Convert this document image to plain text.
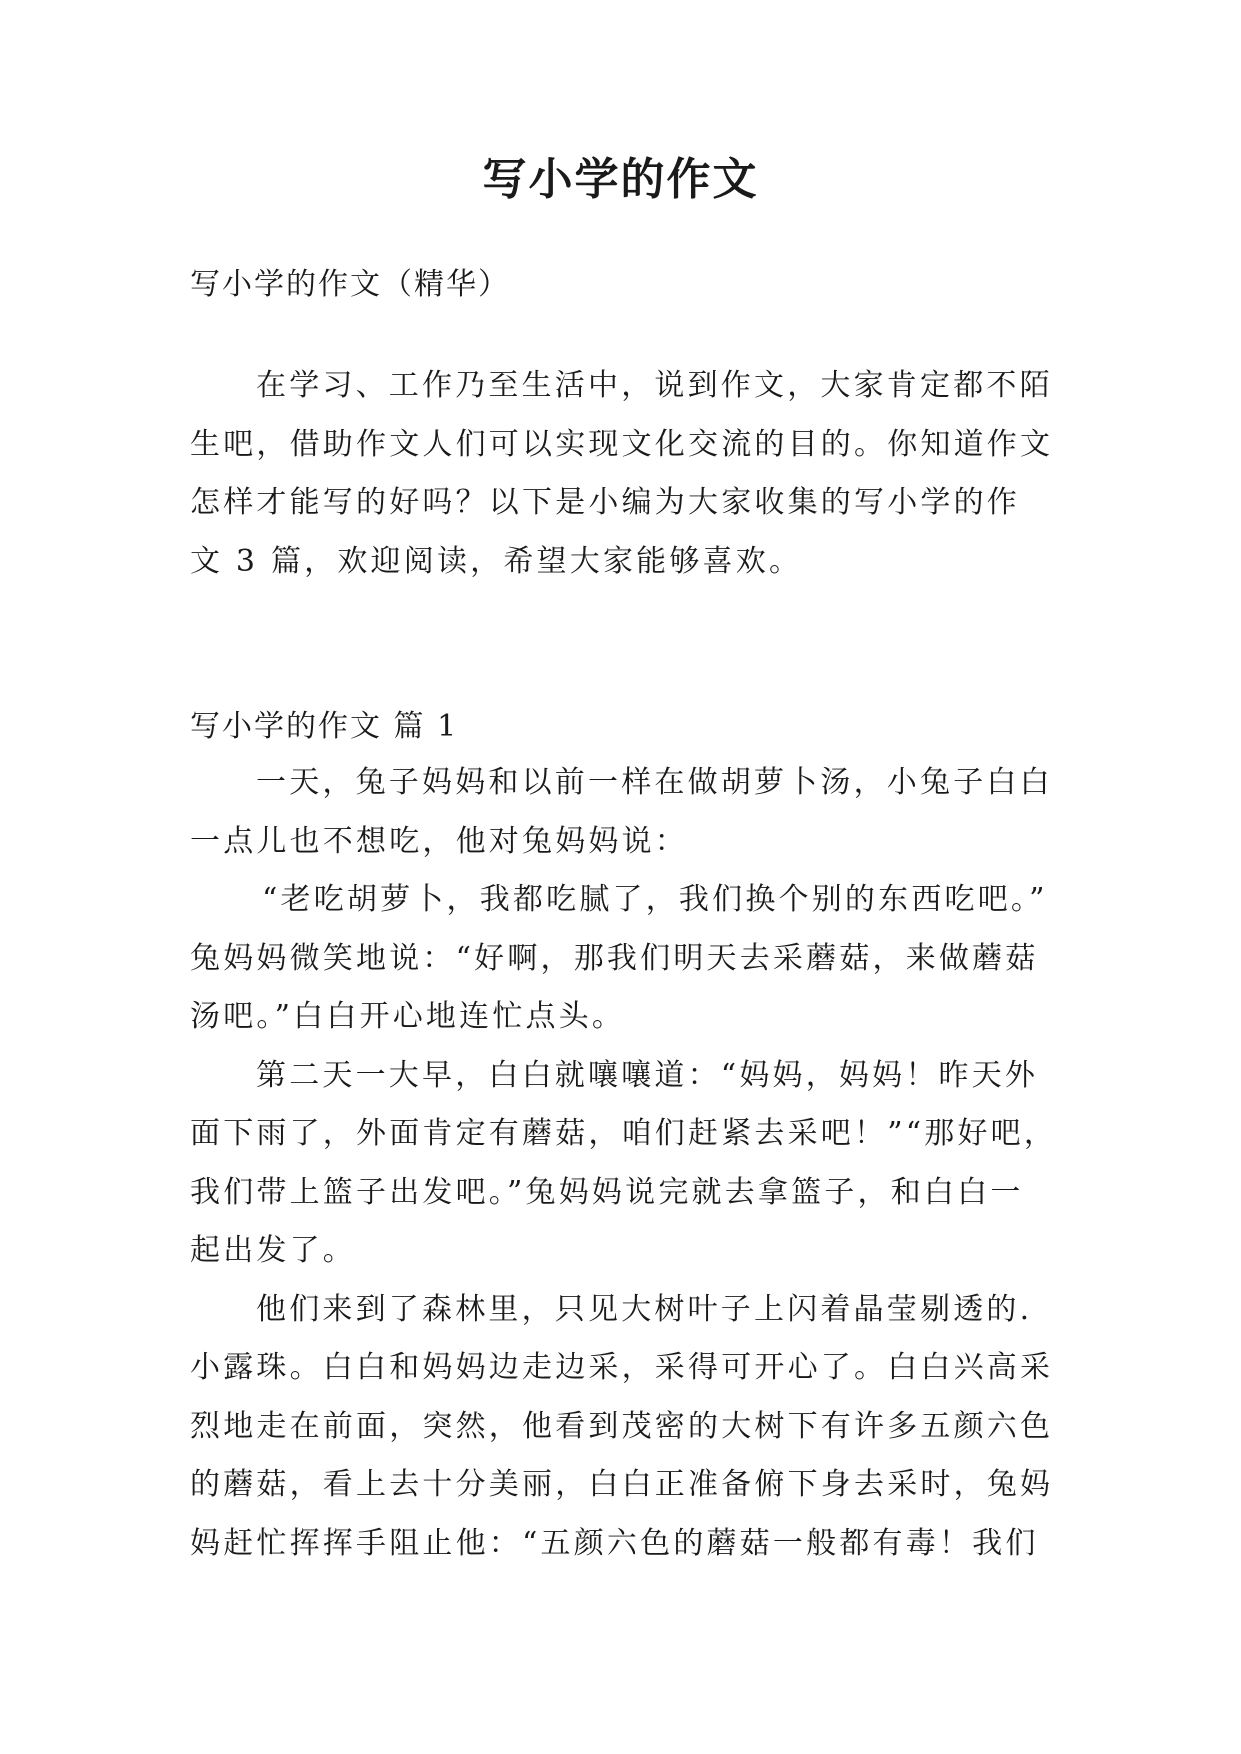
写小学的作文

写小学的作文（精华）

在学习、工作乃至生活中，说到作文，大家肯定都不陌
生吧，借助作文人们可以实现文化交流的目的。你知道作文
怎样才能写的好吗？以下是小编为大家收集的写小学的作
文 3 篇，欢迎阅读，希望大家能够喜欢。

写小学的作文 篇 1

一天，兔子妈妈和以前一样在做胡萝卜汤，小兔子白白
一点儿也不想吃，他对兔妈妈说：
“老吃胡萝卜，我都吃腻了，我们换个别的东西吃吧。”
兔妈妈微笑地说：“好啊，那我们明天去采蘑菇，来做蘑菇
汤吧。”白白开心地连忙点头。
第二天一大早，白白就嚷嚷道：“妈妈，妈妈！昨天外
面下雨了，外面肯定有蘑菇，咱们赶紧去采吧！”“那好吧，
我们带上篮子出发吧。”兔妈妈说完就去拿篮子，和白白一
起出发了。
他们来到了森林里，只见大树叶子上闪着晶莹剔透的.
小露珠。白白和妈妈边走边采，采得可开心了。白白兴高采
烈地走在前面，突然，他看到茂密的大树下有许多五颜六色
的蘑菇，看上去十分美丽，白白正准备俯下身去采时，兔妈
妈赶忙挥挥手阻止他：“五颜六色的蘑菇一般都有毒！我们
